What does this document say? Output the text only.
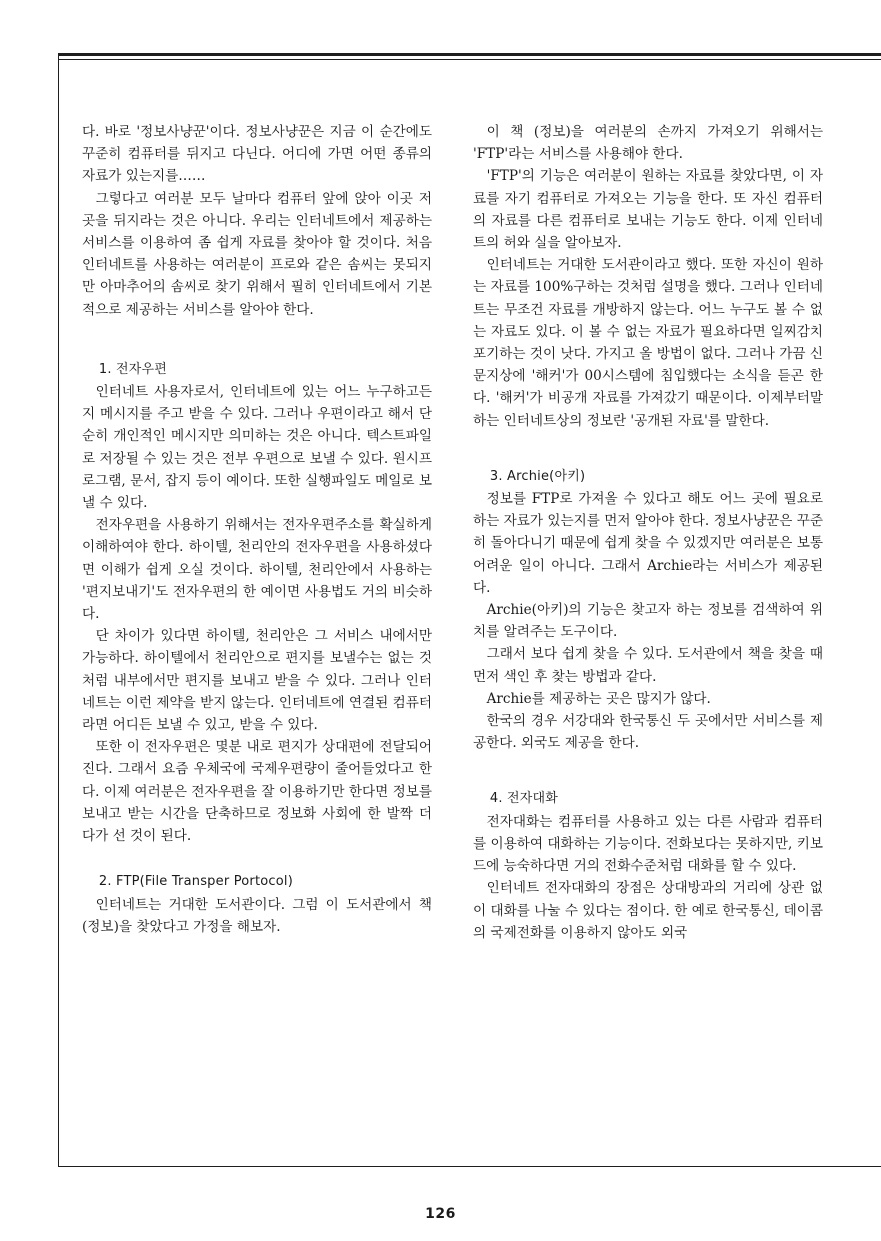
다. 바로 '정보사냥꾼'이다. 정보사냥꾼은 지금 이 순간에도 꾸준히 컴퓨터를 뒤지고 다닌다. 어디에 가면 어떤 종류의 자료가 있는지를……

그렇다고 여러분 모두 날마다 컴퓨터 앞에 앉아 이곳 저곳을 뒤지라는 것은 아니다. 우리는 인터네트에서 제공하는 서비스를 이용하여 좀 쉽게 자료를 찾아야 할 것이다. 처음 인터네트를 사용하는 여러분이 프로와 같은 솜씨는 못되지만 아마추어의 솜씨로 찾기 위해서 필히 인터네트에서 기본적으로 제공하는 서비스를 알아야 한다.

1. 전자우편

인터네트 사용자로서, 인터네트에 있는 어느 누구하고든지 메시지를 주고 받을 수 있다. 그러나 우편이라고 해서 단순히 개인적인 메시지만 의미하는 것은 아니다. 텍스트파일로 저장될 수 있는 것은 전부 우편으로 보낼 수 있다. 원시프로그램, 문서, 잡지 등이 예이다. 또한 실행파일도 메일로 보낼 수 있다.

전자우편을 사용하기 위해서는 전자우편주소를 확실하게 이해하여야 한다. 하이텔, 천리안의 전자우편을 사용하셨다면 이해가 쉽게 오실 것이다. 하이텔, 천리안에서 사용하는 '편지보내기'도 전자우편의 한 예이면 사용법도 거의 비슷하다.

단 차이가 있다면 하이텔, 천리안은 그 서비스 내에서만 가능하다. 하이텔에서 천리안으로 편지를 보낼수는 없는 것처럼 내부에서만 편지를 보내고 받을 수 있다. 그러나 인터네트는 이런 제약을 받지 않는다. 인터네트에 연결된 컴퓨터라면 어디든 보낼 수 있고, 받을 수 있다.

또한 이 전자우편은 몇분 내로 편지가 상대편에 전달되어 진다. 그래서 요즘 우체국에 국제우편량이 줄어들었다고 한다. 이제 여러분은 전자우편을 잘 이용하기만 한다면 정보를 보내고 받는 시간을 단축하므로 정보화 사회에 한 발짝 더 다가 선 것이 된다.

2. FTP(File Transper Portocol)

인터네트는 거대한 도서관이다. 그럼 이 도서관에서 책 (정보)을 찾았다고 가정을 해보자.

이 책 (정보)을 여러분의 손까지 가져오기 위해서는 'FTP'라는 서비스를 사용해야 한다.

'FTP'의 기능은 여러분이 원하는 자료를 찾았다면, 이 자료를 자기 컴퓨터로 가져오는 기능을 한다. 또 자신 컴퓨터의 자료를 다른 컴퓨터로 보내는 기능도 한다. 이제 인터네트의 허와 실을 알아보자.

인터네트는 거대한 도서관이라고 했다. 또한 자신이 원하는 자료를 100%구하는 것처럼 설명을 했다. 그러나 인터네트는 무조건 자료를 개방하지 않는다. 어느 누구도 볼 수 없는 자료도 있다. 이 볼 수 없는 자료가 필요하다면 일찌감치 포기하는 것이 낫다. 가지고 올 방법이 없다. 그러나 가끔 신문지상에 '해커'가 00시스템에 침입했다는 소식을 듣곤 한다. '해커'가 비공개 자료를 가져갔기 때문이다. 이제부터말하는 인터네트상의 정보란 '공개된 자료'를 말한다.

3. Archie(아키)

정보를 FTP로 가져올 수 있다고 해도 어느 곳에 필요로 하는 자료가 있는지를 먼저 알아야 한다. 정보사냥꾼은 꾸준히 돌아다니기 때문에 쉽게 찾을 수 있겠지만 여러분은 보통 어려운 일이 아니다. 그래서 Archie라는 서비스가 제공된다.

Archie(아키)의 기능은 찾고자 하는 정보를 검색하여 위치를 알려주는 도구이다.

그래서 보다 쉽게 찾을 수 있다. 도서관에서 책을 찾을 때 먼저 색인 후 찾는 방법과 같다.

Archie를 제공하는 곳은 많지가 않다.

한국의 경우 서강대와 한국통신 두 곳에서만 서비스를 제공한다. 외국도 제공을 한다.

4. 전자대화

전자대화는 컴퓨터를 사용하고 있는 다른 사람과 컴퓨터를 이용하여 대화하는 기능이다. 전화보다는 못하지만, 키보드에 능숙하다면 거의 전화수준처럼 대화를 할 수 있다.

인터네트 전자대화의 장점은 상대방과의 거리에 상관 없이 대화를 나눌 수 있다는 점이다. 한 예로 한국통신, 데이콤의 국제전화를 이용하지 않아도 외국

126
